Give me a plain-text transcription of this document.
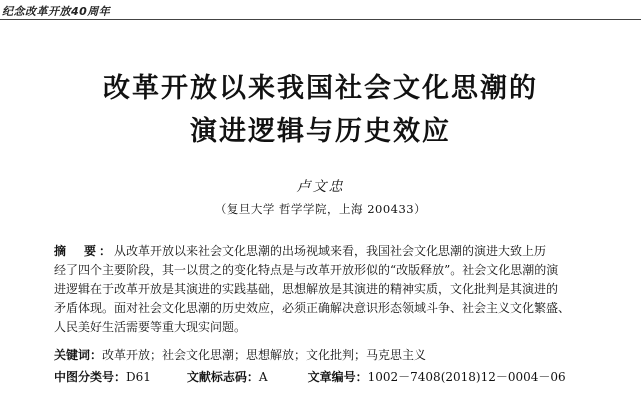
纪念改革开放40周年
改革开放以来我国社会文化思潮的
演进逻辑与历史效应
卢文忠
（复旦大学 哲学学院，上海 200433）
摘　要：从改革开放以来社会文化思潮的出场视域来看，我国社会文化思潮的演进大致上历
经了四个主要阶段，其一以贯之的变化特点是与改革开放形似的“改版释放”。社会文化思潮的演
进逻辑在于改革开放是其演进的实践基础，思想解放是其演进的精神实质，文化批判是其演进的
矛盾体现。面对社会文化思潮的历史效应，必须正确解决意识形态领域斗争、社会主义文化繁盛、
人民美好生活需要等重大现实问题。
关键词：改革开放；社会文化思潮；思想解放；文化批判；马克思主义
中图分类号：D61	文献标志码：A	文章编号：1002－7408(2018)12－0004－06
